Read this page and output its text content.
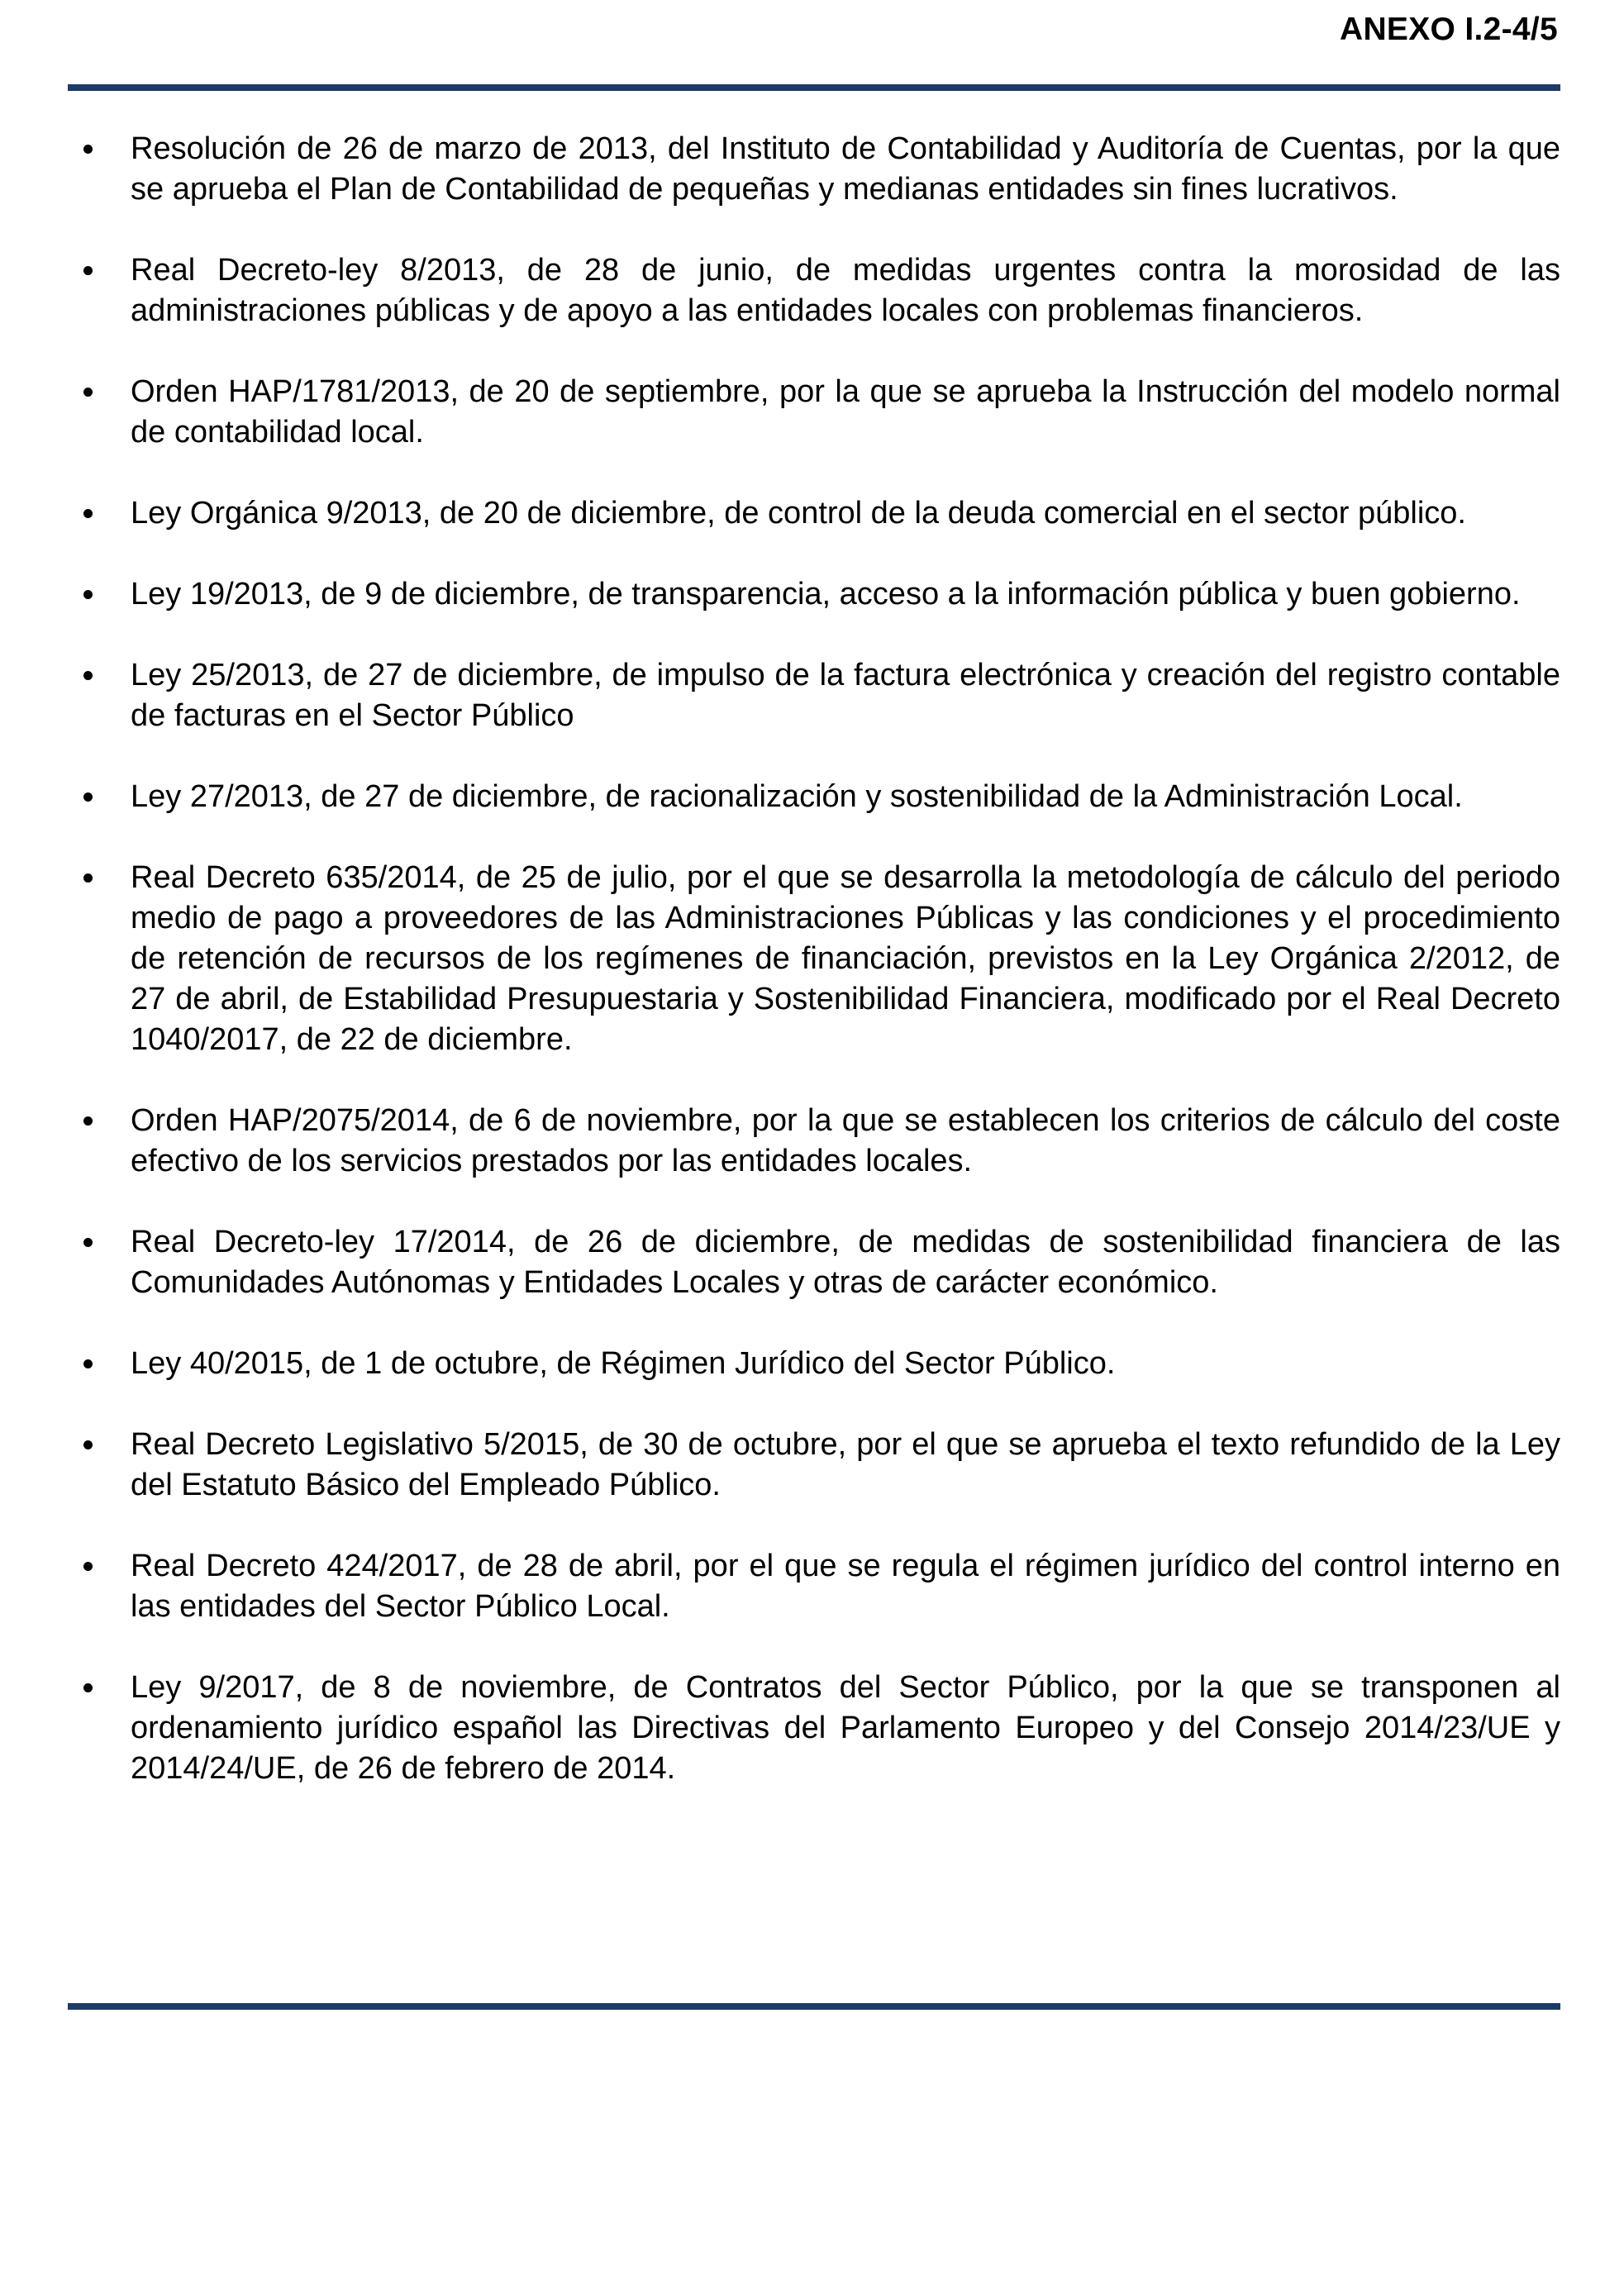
ANEXO I.2-4/5
Resolución de 26 de marzo de 2013, del Instituto de Contabilidad y Auditoría de Cuentas, por la que se aprueba el Plan de Contabilidad de pequeñas y medianas entidades sin fines lucrativos.
Real Decreto-ley 8/2013, de 28 de junio, de medidas urgentes contra la morosidad de las administraciones públicas y de apoyo a las entidades locales con problemas financieros.
Orden HAP/1781/2013, de 20 de septiembre, por la que se aprueba la Instrucción del modelo normal de contabilidad local.
Ley Orgánica 9/2013, de 20 de diciembre, de control de la deuda comercial en el sector público.
Ley 19/2013, de 9 de diciembre, de transparencia, acceso a la información pública y buen gobierno.
Ley 25/2013, de 27 de diciembre, de impulso de la factura electrónica y creación del registro contable de facturas en el Sector Público
Ley 27/2013, de 27 de diciembre, de racionalización y sostenibilidad de la Administración Local.
Real Decreto 635/2014, de 25 de julio, por el que se desarrolla la metodología de cálculo del periodo medio de pago a proveedores de las Administraciones Públicas y las condiciones y el procedimiento de retención de recursos de los regímenes de financiación, previstos en la Ley Orgánica 2/2012, de 27 de abril, de Estabilidad Presupuestaria y Sostenibilidad Financiera, modificado por el Real Decreto 1040/2017, de 22 de diciembre.
Orden HAP/2075/2014, de 6 de noviembre, por la que se establecen los criterios de cálculo del coste efectivo de los servicios prestados por las entidades locales.
Real Decreto-ley 17/2014, de 26 de diciembre, de medidas de sostenibilidad financiera de las Comunidades Autónomas y Entidades Locales y otras de carácter económico.
Ley 40/2015, de 1 de octubre, de Régimen Jurídico del Sector Público.
Real Decreto Legislativo 5/2015, de 30 de octubre, por el que se aprueba el texto refundido de la Ley del Estatuto Básico del Empleado Público.
Real Decreto 424/2017, de 28 de abril, por el que se regula el régimen jurídico del control interno en las entidades del Sector Público Local.
Ley 9/2017, de 8 de noviembre, de Contratos del Sector Público, por la que se transponen al ordenamiento jurídico español las Directivas del Parlamento Europeo y del Consejo 2014/23/UE y 2014/24/UE, de 26 de febrero de 2014.
